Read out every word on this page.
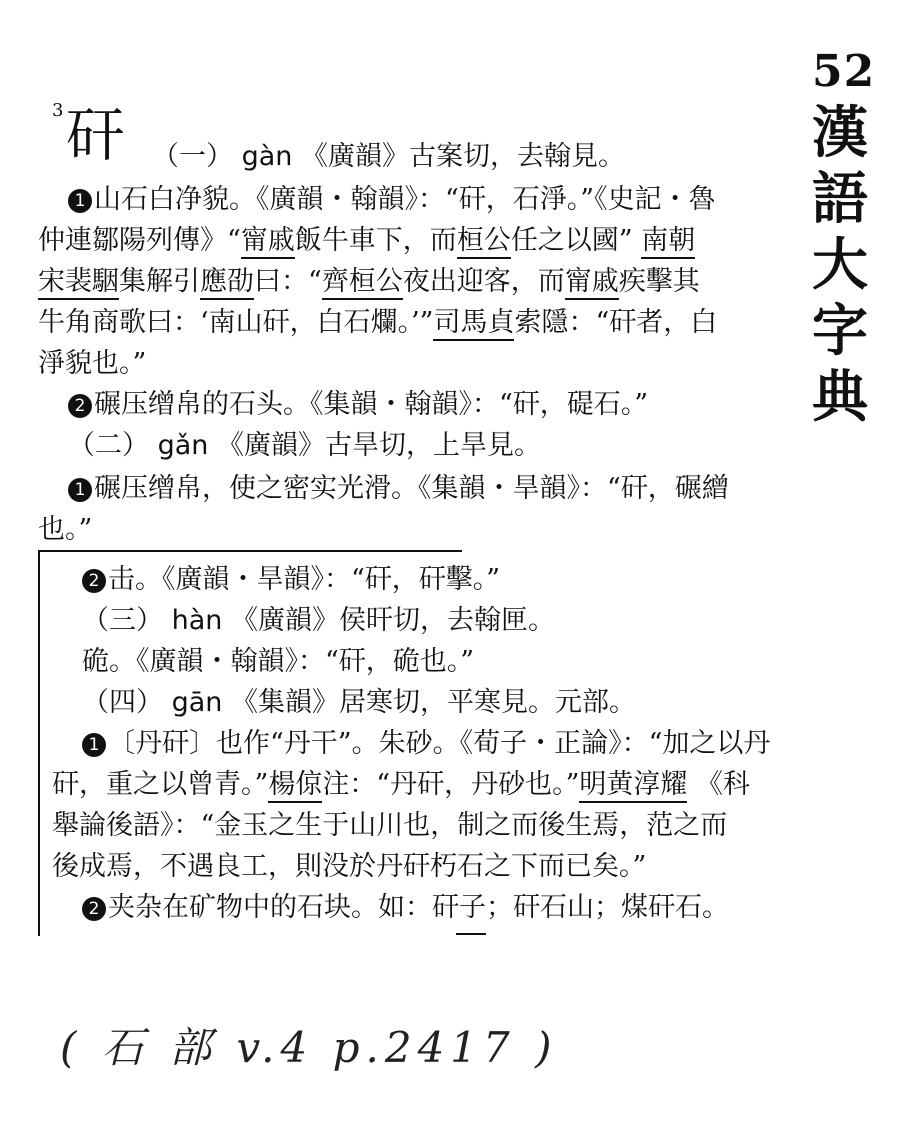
52
漢
語
大
字
典
3 矸 （一） gàn 《廣韻》古案切，去翰見。
1 山石白净貌。《廣韻・翰韻》：“矸，石淨。”《史記・魯
仲連鄒陽列傳》“甯戚飯牛車下，而桓公任之以國” 南朝
宋裴駰集解引應劭曰：“齊桓公夜出迎客，而甯戚疾擊其
牛角商歌曰：‘南山矸，白石爛。’”司馬貞索隱：“矸者，白
淨貌也。”
2 碾压缯帛的石头。《集韻・翰韻》：“矸，碮石。”
（二） gǎn 《廣韻》古旱切，上旱見。
1 碾压缯帛，使之密实光滑。《集韻・旱韻》：“矸，碾繒
也。”
2 击。《廣韻・旱韻》：“矸，矸擊。”
（三） hàn 《廣韻》侯旰切，去翰匣。
硊。《廣韻・翰韻》：“矸，硊也。”
（四） gān 《集韻》居寒切，平寒見。元部。
1 〔丹矸〕也作“丹干”。朱砂。《荀子・正論》：“加之以丹
矸，重之以曾青。”楊倞注：“丹矸，丹砂也。”明黄淳耀 《科
舉論後語》：“金玉之生于山川也，制之而後生焉，范之而
後成焉，不遇良工，則没於丹矸朽石之下而已矣。”
2 夹杂在矿物中的石块。如：矸子；矸石山；煤矸石。
( 石 部 v.4 p.2417 )
